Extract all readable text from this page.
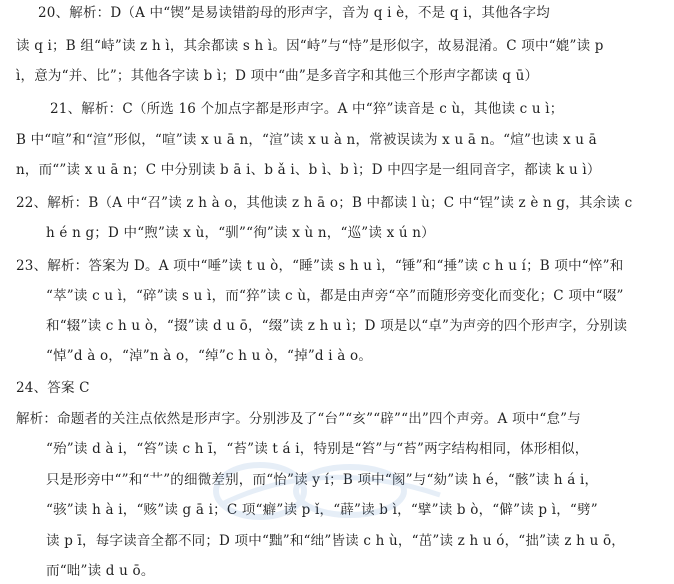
20、解析：D（A 中“锲”是易读错韵母的形声字，音为 q i è，不是 q i，其他各字均
读 q i；B 组“峙”读 z h ì，其余都读 s h ì。因“峙”与“恃”是形似字，故易混淆。C 项中“媲”读 p
ì，意为“并、比”；其他各字读 b ì；D 项中“曲”是多音字和其他三个形声字都读 q ū）
21、解析：C（所选 16 个加点字都是形声字。A 中“猝”读音是 c ù，其他读 c u ì；
B 中“喧”和“渲”形似，“喧”读 x u ā n，“渲”读 x u à n，常被误读为 x u ā n。“煊”也读 x u ā
n，而“”读 x u ā n；C 中分别读 b ā i、b ǎ i、b ì、b ì；D 中四字是一组同音字，都读 k u ì）
22、解析：B（A 中“召”读 z h à o，其他读 z h ā o；B 中都读 l ù；C 中“锃”读 z è n g，其余读 c
h é n g；D 中“煦”读 x ù，“驯”“徇”读 x ù n，“巡”读 x ú n）
23、解析：答案为 D。A 项中“唾”读 t u ò，“睡”读 s h u ì，“锤”和“捶”读 c h u í；B 项中“悴”和
“萃”读 c u ì，“碎”读 s u ì，而“猝”读 c ù，都是由声旁“卒”而随形旁变化而变化；C 项中“啜”
和“辍”读 c h u ò，“掇”读 d u ō，“缀”读 z h u ì；D 项是以“卓”为声旁的四个形声字，分别读
“悼”d à o，“淖”n à o，“绰”c h u ò，“掉”d i à o。
24、答案 C
解析：命题者的关注点依然是形声字。分别涉及了“台”“亥”“辟”“出”四个声旁。A 项中“怠”与
“殆”读 d à i，“笞”读 c h ī，“苔”读 t á i，特别是“笞”与“苔”两字结构相同，体形相似，
只是形旁中“”和“艹”的细微差别，而“怡”读 y í；B 项中“阂”与“劾”读 h é，“骸”读 h á i，
“骇”读 h à i，“赅”读 g ā i；C 项“癖”读 p ǐ，“薜”读 b ì，“擘”读 b ò，“僻”读 p ì，“劈”
读 p ī，每字读音全都不同；D 项中“黜”和“绌”皆读 c h ù，“茁”读 z h u ó，“拙”读 z h u ō，
而“咄”读 d u ō。
